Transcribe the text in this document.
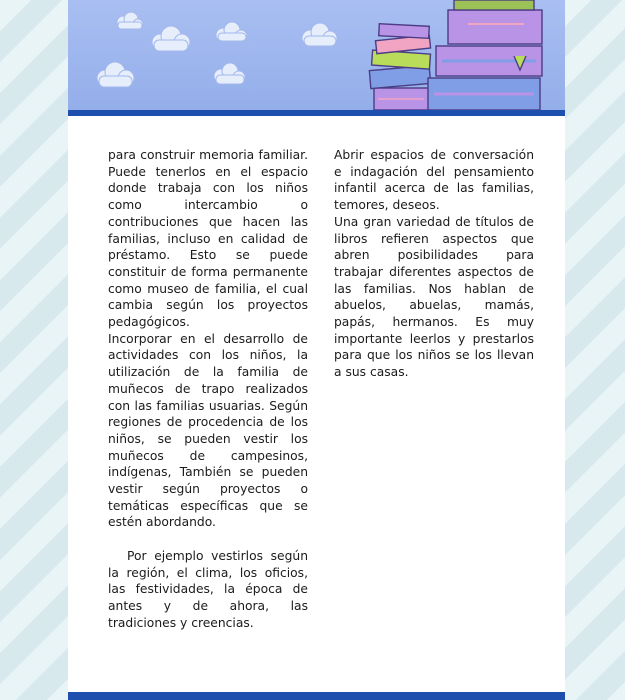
para construir memoria familiar. Puede tenerlos en el espacio donde trabaja con los niños como intercambio o contribuciones que hacen las familias, incluso en calidad de préstamo. Esto se puede constituir de forma permanente como museo de familia, el cual cambia según los proyectos pedagógicos.

Incorporar en el desarrollo de actividades con los niños, la utilización de la familia de muñecos de trapo realizados con las familias usuarias. Según regiones de procedencia de los niños, se pueden vestir los muñecos de campesinos, indígenas, También se pueden vestir según proyectos o temáticas específicas que se estén abordando.

Por ejemplo vestirlos según la región, el clima, los oficios, las festividades, la época de antes y de ahora, las tradiciones y creencias.

Abrir espacios de conversación e indagación del pensamiento infantil acerca de las familias, temores, deseos.

Una gran variedad de títulos de libros refieren aspectos que abren posibilidades para trabajar diferentes aspectos de las familias. Nos hablan de abuelos, abuelas, mamás, papás, hermanos. Es muy importante leerlos y prestarlos para que los niños se los llevan a sus casas.
